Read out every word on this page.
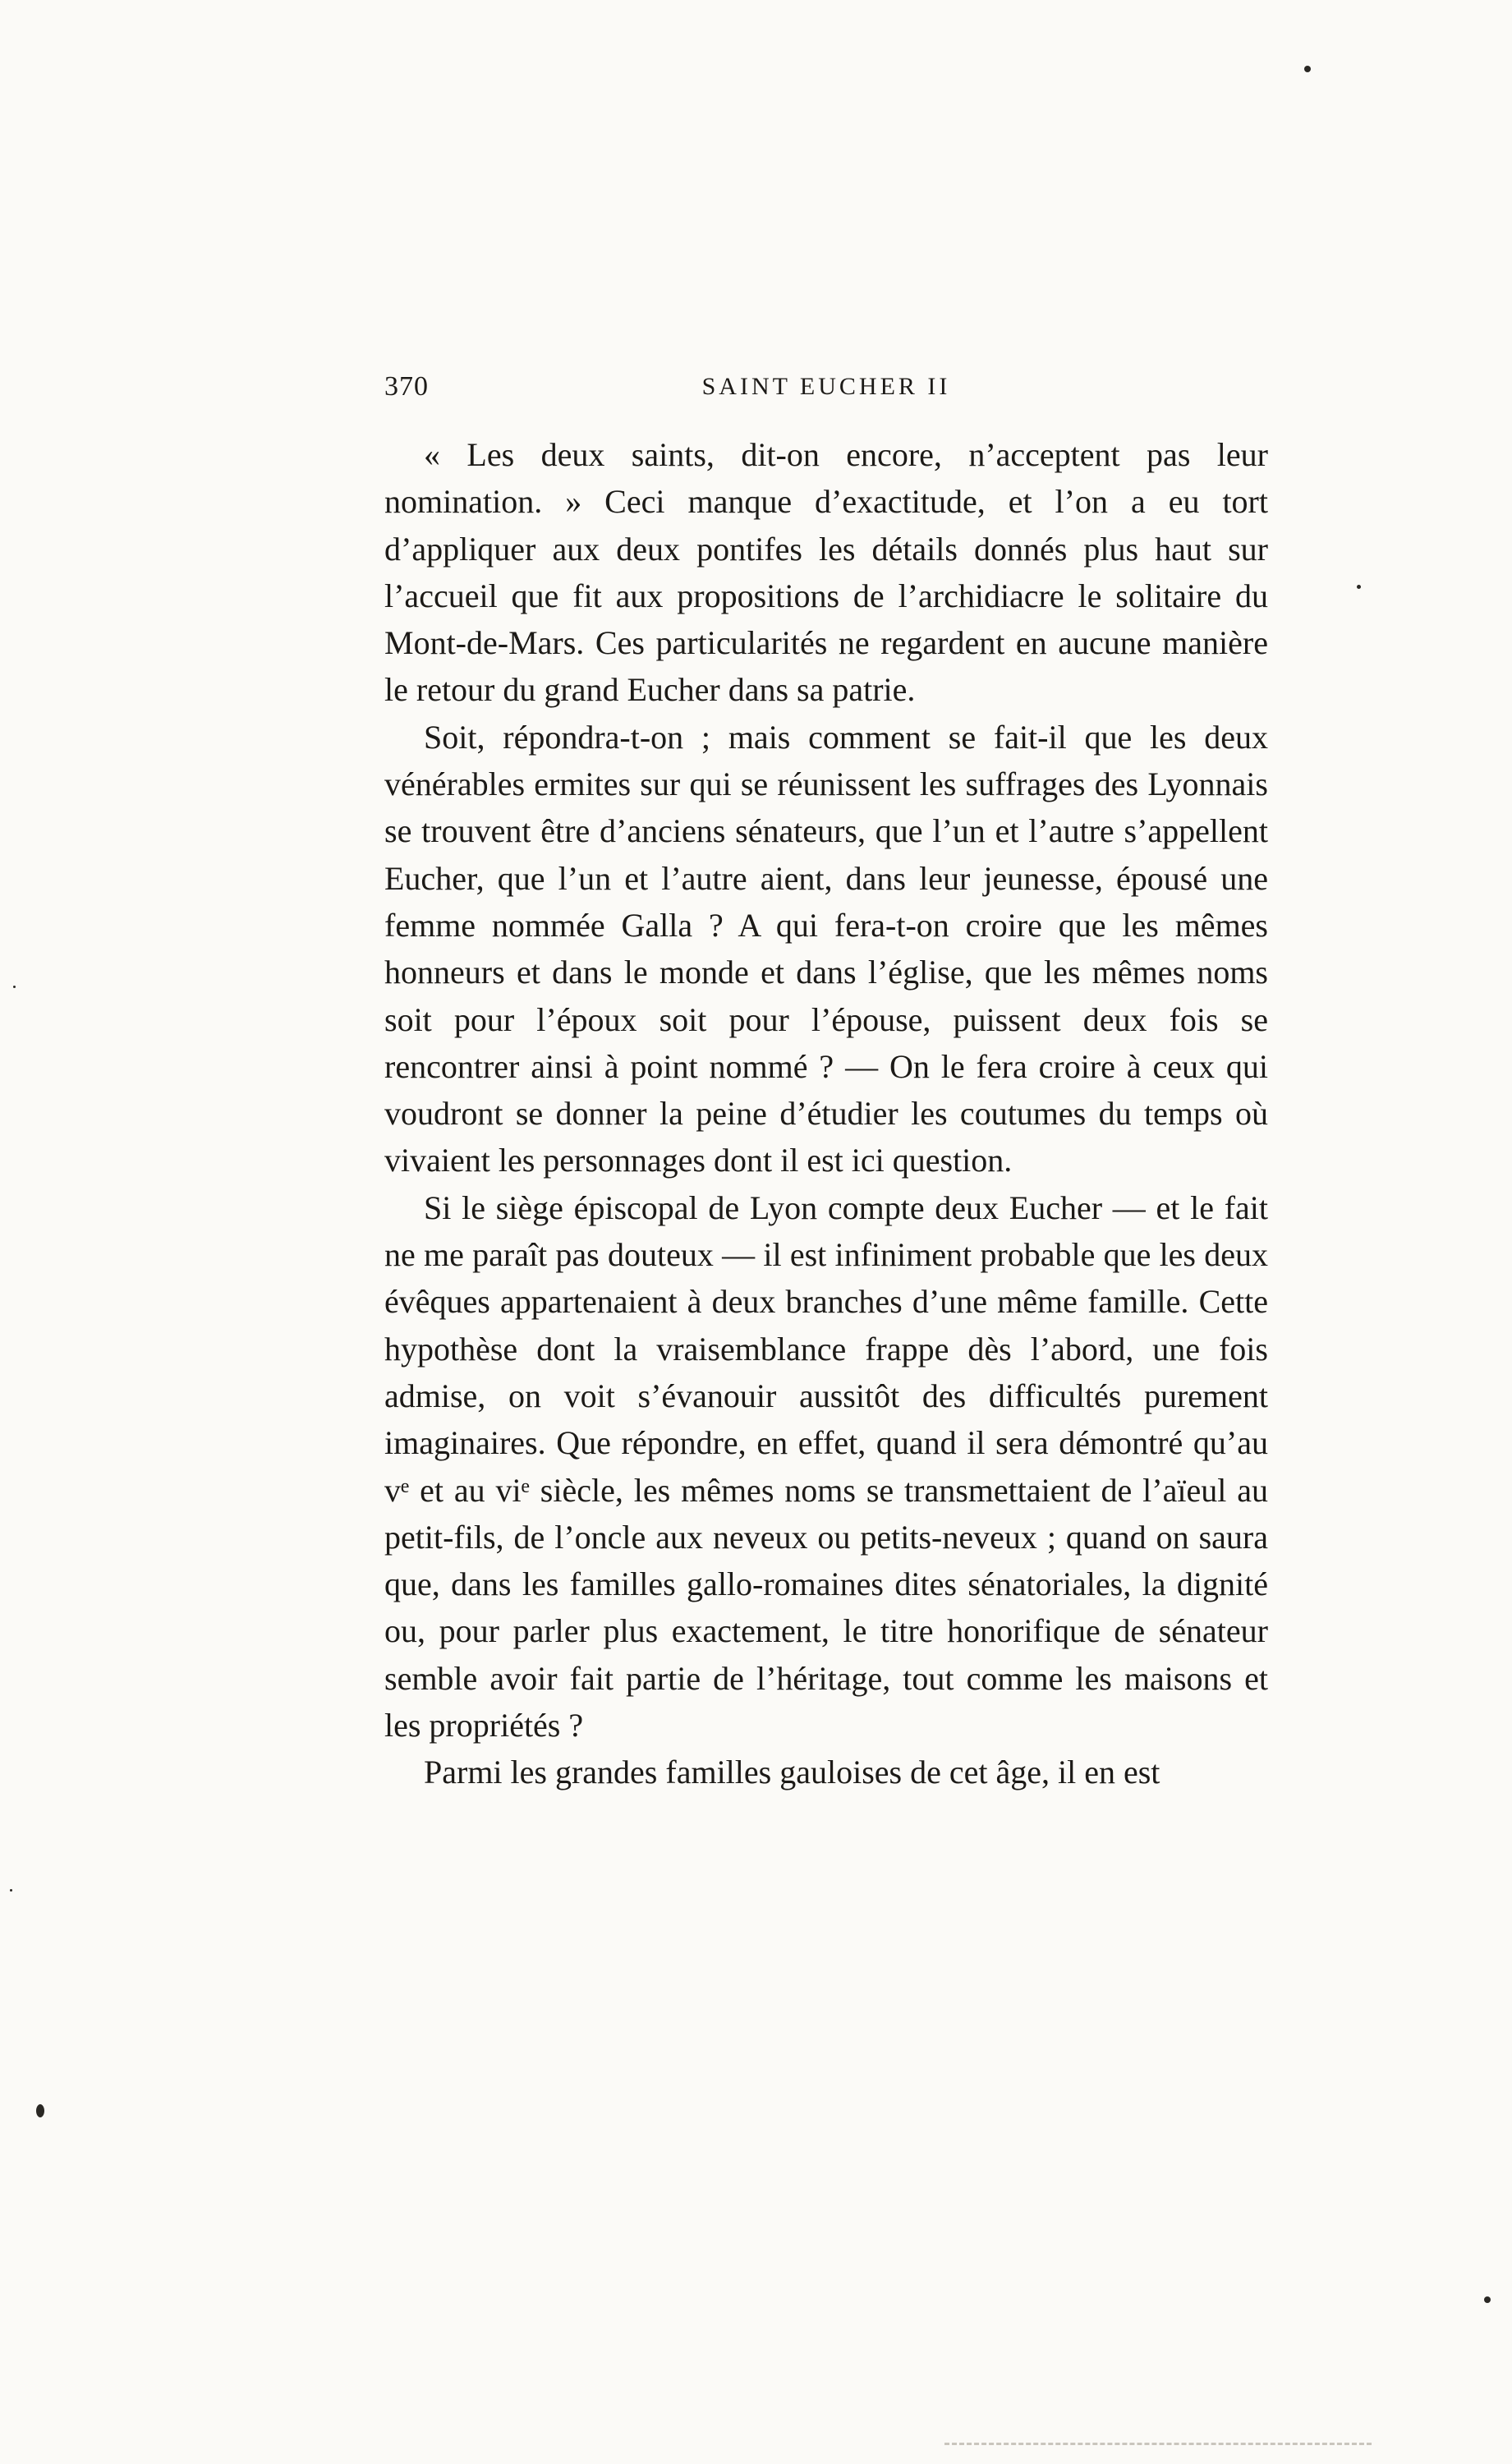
370	SAINT EUCHER II

« Les deux saints, dit-on encore, n’acceptent pas leur nomination. » Ceci manque d’exactitude, et l’on a eu tort d’appliquer aux deux pontifes les détails donnés plus haut sur l’accueil que fit aux propositions de l’archidiacre le solitaire du Mont-de-Mars. Ces particularités ne regardent en aucune manière le retour du grand Eucher dans sa patrie.

Soit, répondra-t-on ; mais comment se fait-il que les deux vénérables ermites sur qui se réunissent les suffrages des Lyonnais se trouvent être d’anciens sénateurs, que l’un et l’autre s’appellent Eucher, que l’un et l’autre aient, dans leur jeunesse, épousé une femme nommée Galla ? A qui fera-t-on croire que les mêmes honneurs et dans le monde et dans l’église, que les mêmes noms soit pour l’époux soit pour l’épouse, puissent deux fois se rencontrer ainsi à point nommé ? — On le fera croire à ceux qui voudront se donner la peine d’étudier les coutumes du temps où vivaient les personnages dont il est ici question.

Si le siège épiscopal de Lyon compte deux Eucher — et le fait ne me paraît pas douteux — il est infiniment probable que les deux évêques appartenaient à deux branches d’une même famille. Cette hypothèse dont la vraisemblance frappe dès l’abord, une fois admise, on voit s’évanouir aussitôt des difficultés purement imaginaires. Que répondre, en effet, quand il sera démontré qu’au vᵉ et au viᵉ siècle, les mêmes noms se transmettaient de l’aïeul au petit-fils, de l’oncle aux neveux ou petits-neveux ; quand on saura que, dans les familles gallo-romaines dites sénatoriales, la dignité ou, pour parler plus exactement, le titre honorifique de sénateur semble avoir fait partie de l’héritage, tout comme les maisons et les propriétés ?

Parmi les grandes familles gauloises de cet âge, il en est
